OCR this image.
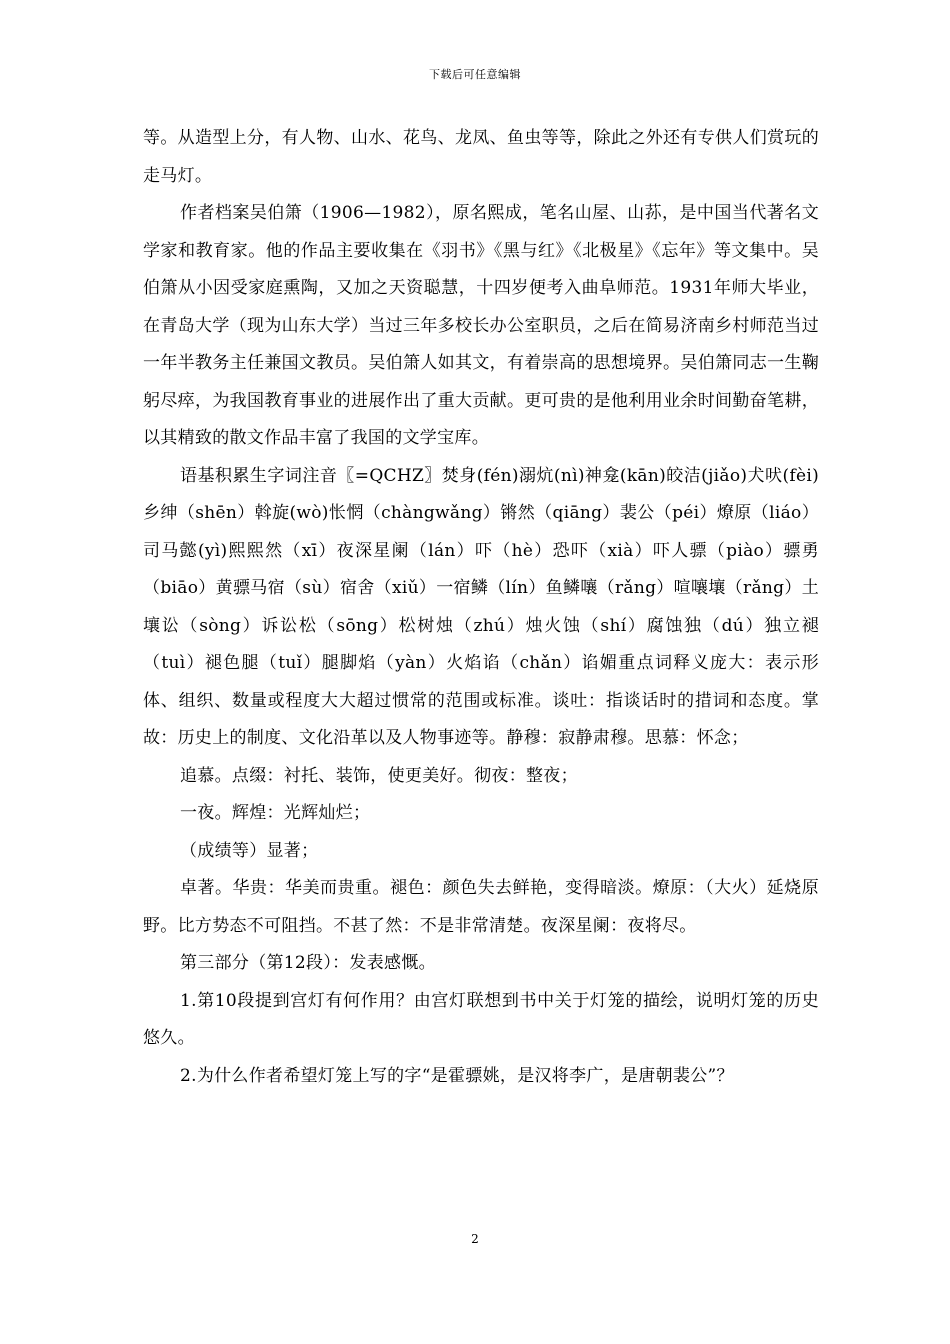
下载后可任意编辑

等。从造型上分，有人物、山水、花鸟、龙凤、鱼虫等等，除此之外还有专供人们赏玩的走马灯。

作者档案吴伯箫（1906—1982），原名熙成，笔名山屋、山荪，是中国当代著名文学家和教育家。他的作品主要收集在《羽书》《黑与红》《北极星》《忘年》等文集中。吴伯箫从小因受家庭熏陶，又加之天资聪慧，十四岁便考入曲阜师范。1931年师大毕业，在青岛大学（现为山东大学）当过三年多校长办公室职员，之后在简易济南乡村师范当过一年半教务主任兼国文教员。吴伯箫人如其文，有着崇高的思想境界。吴伯箫同志一生鞠躬尽瘁，为我国教育事业的进展作出了重大贡献。更可贵的是他利用业余时间勤奋笔耕，以其精致的散文作品丰富了我国的文学宝库。

语基积累生字词注音〖=QCHZ〗焚身(fén)溺炕(nì)神龛(kān)皎洁(jiǎo)犬吠(fèi)乡绅（shēn）斡旋(wò)怅惘（chàngwǎng）锵然（qiāng）裴公（péi）燎原（liáo）司马懿(yì)熙熙然（xī）夜深星阑（lán）吓（hè）恐吓（xià）吓人骠（piào）骠勇（biāo）黄骠马宿（sù）宿舍（xiǔ）一宿鳞（lín）鱼鳞嚷（rǎng）喧嚷壤（rǎng）土壤讼（sòng）诉讼松（sōng）松树烛（zhú）烛火蚀（shí）腐蚀独（dú）独立褪（tuì）褪色腿（tuǐ）腿脚焰（yàn）火焰谄（chǎn）谄媚重点词释义庞大：表示形体、组织、数量或程度大大超过惯常的范围或标准。谈吐：指谈话时的措词和态度。掌故：历史上的制度、文化沿革以及人物事迹等。静穆：寂静肃穆。思慕：怀念；

追慕。点缀：衬托、装饰，使更美好。彻夜：整夜；

一夜。辉煌：光辉灿烂；

（成绩等）显著；

卓著。华贵：华美而贵重。褪色：颜色失去鲜艳，变得暗淡。燎原：（大火）延烧原野。比方势态不可阻挡。不甚了然：不是非常清楚。夜深星阑：夜将尽。

第三部分（第12段）：发表感慨。

1.第10段提到宫灯有何作用？由宫灯联想到书中关于灯笼的描绘，说明灯笼的历史悠久。

2.为什么作者希望灯笼上写的字“是霍骠姚，是汉将李广，是唐朝裴公”？

2
